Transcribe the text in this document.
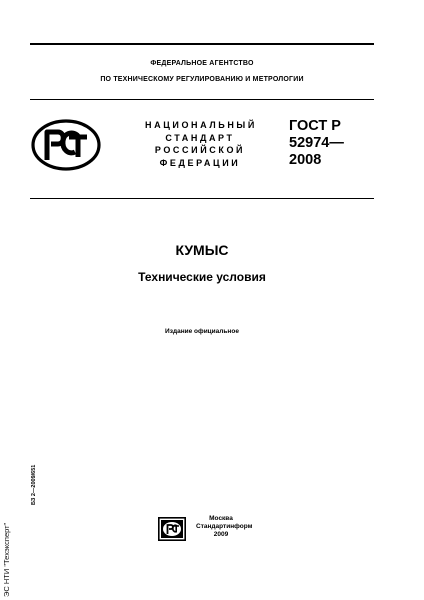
ФЕДЕРАЛЬНОЕ АГЕНТСТВО
ПО ТЕХНИЧЕСКОМУ РЕГУЛИРОВАНИЮ И МЕТРОЛОГИИ
НАЦИОНАЛЬНЫЙ
СТАНДАРТ
РОССИЙСКОЙ
ФЕДЕРАЦИИ
ГОСТ Р
52974—
2008
КУМЫС
Технические условия
Издание официальное
БЗ 2—2009/651
ЭС НТИ "Техэксперт"
Москва
Стандартинформ
2009
